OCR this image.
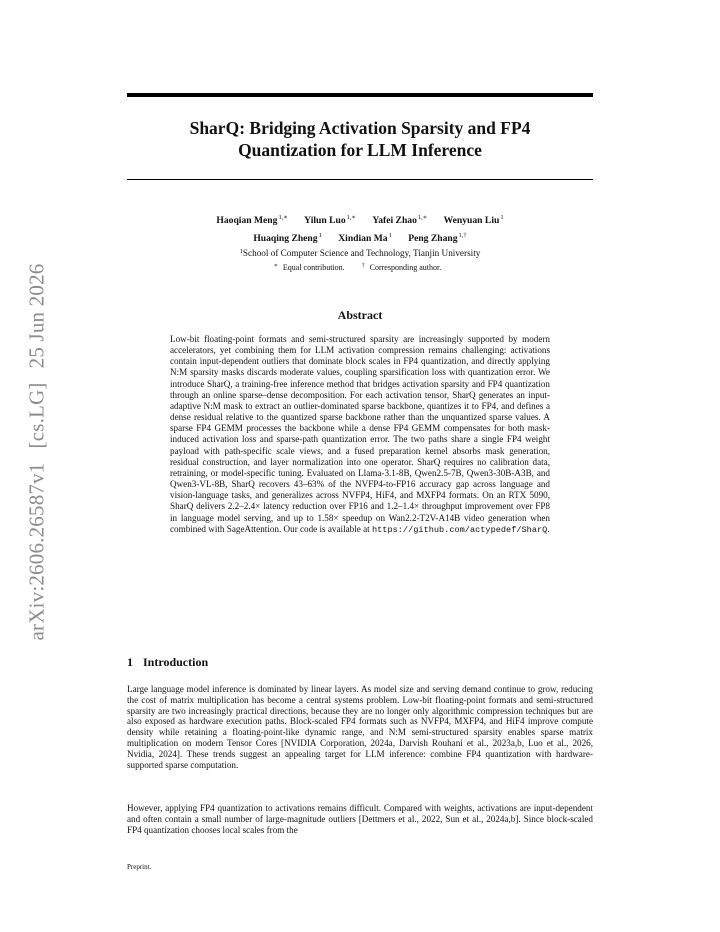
arXiv:2606.26587v1[cs.LG]25 Jun 2026
SharQ: Bridging Activation Sparsity and FP4
Quantization for LLM Inference
Haoqian Meng$^{1,∗}$ Yilun Luo$^{1,∗}$ Yafei Zhao$^{1,∗}$ Wenyuan Liu$^1$
Huaqing Zheng$^1$ Xindian Ma$^1$ Peng Zhang$^{1,\dagger}$
$^1$School of Computer Science and Technology, Tianjin University
∗ Equal contribution.	† Corresponding author.
Abstract

Low-bit floating-point formats and semi-structured sparsity are increasingly supported by modern accelerators, yet combining them for LLM activation compression remains challenging: activations contain input-dependent outliers that dominate block scales in FP4 quantization, and directly applying N:M sparsity masks discards moderate values, coupling sparsification loss with quantization error. We introduce SharQ, a training-free inference method that bridges activation sparsity and FP4 quantization through an online sparse–dense decomposition. For each activation tensor, SharQ generates an input-adaptive N:M mask to extract an outlier-dominated sparse backbone, quantizes it to FP4, and defines a dense residual relative to the quantized sparse backbone rather than the unquantized sparse values. A sparse FP4 GEMM processes the backbone while a dense FP4 GEMM compensates for both mask-induced activation loss and sparse-path quantization error. The two paths share a single FP4 weight payload with path-specific scale views, and a fused preparation kernel absorbs mask generation, residual construction, and layer normalization into one operator. SharQ requires no calibration data, retraining, or model-specific tuning. Evaluated on Llama-3.1-8B, Qwen2.5-7B, Qwen3-30B-A3B, and Qwen3-VL-8B, SharQ recovers 43–63% of the NVFP4-to-FP16 accuracy gap across language and vision-language tasks, and generalizes across NVFP4, HiF4, and MXFP4 formats. On an RTX 5090, SharQ delivers 2.2–2.4× latency reduction over FP16 and 1.2–1.4× throughput improvement over FP8 in language model serving, and up to 1.58× speedup on Wan2.2-T2V-A14B video generation when combined with SageAttention. Our code is available at https://github.com/actypedef/SharQ.

1 Introduction

Large language model inference is dominated by linear layers. As model size and serving demand continue to grow, reducing the cost of matrix multiplication has become a central systems problem. Low-bit floating-point formats and semi-structured sparsity are two increasingly practical directions, because they are no longer only algorithmic compression techniques but are also exposed as hardware execution paths. Block-scaled FP4 formats such as NVFP4, MXFP4, and HiF4 improve compute density while retaining a floating-point-like dynamic range, and N:M semi-structured sparsity enables sparse matrix multiplication on modern Tensor Cores [NVIDIA Corporation, 2024a, Darvish Rouhani et al., 2023a,b, Luo et al., 2026, Nvidia, 2024]. These trends suggest an appealing target for LLM inference: combine FP4 quantization with hardware-supported sparse computation.

However, applying FP4 quantization to activations remains difficult. Compared with weights, activations are input-dependent and often contain a small number of large-magnitude outliers [Dettmers et al., 2022, Sun et al., 2024a,b]. Since block-scaled FP4 quantization chooses local scales from the

Preprint.
